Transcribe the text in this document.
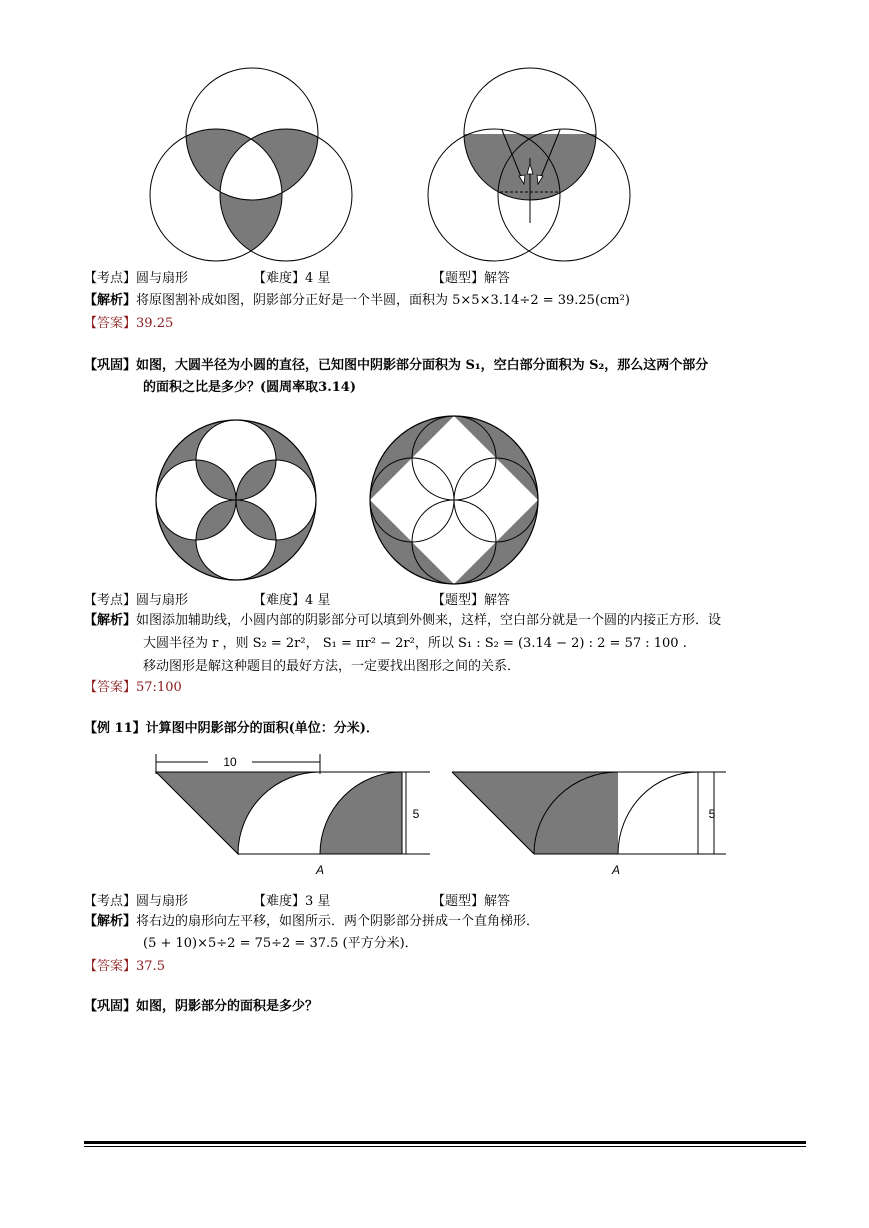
【考点】圆与扇形	【难度】4 星	【题型】解答
【解析】将原图割补成如图，阴影部分正好是一个半圆，面积为 5×5×3.14÷2 = 39.25(cm²)
【答案】39.25
【巩固】如图，大圆半径为小圆的直径，已知图中阴影部分面积为 S₁，空白部分面积为 S₂，那么这两个部分
的面积之比是多少？(圆周率取3.14)
【考点】圆与扇形	【难度】4 星	【题型】解答
【解析】如图添加辅助线，小圆内部的阴影部分可以填到外侧来，这样，空白部分就是一个圆的内接正方形．设
大圆半径为 r ，则 S₂ = 2r²， S₁ = πr² − 2r²，所以 S₁ : S₂ = (3.14 − 2) : 2 = 57 : 100 .
移动图形是解这种题目的最好方法，一定要找出图形之间的关系．
【答案】57:100
【例 11】计算图中阴影部分的面积(单位：分米)．
10
5
A
5
A
【考点】圆与扇形	【难度】3 星	【题型】解答
【解析】将右边的扇形向左平移，如图所示．两个阴影部分拼成一个直角梯形．
(5 + 10)×5÷2 = 75÷2 = 37.5 (平方分米)．
【答案】37.5
【巩固】如图，阴影部分的面积是多少？
